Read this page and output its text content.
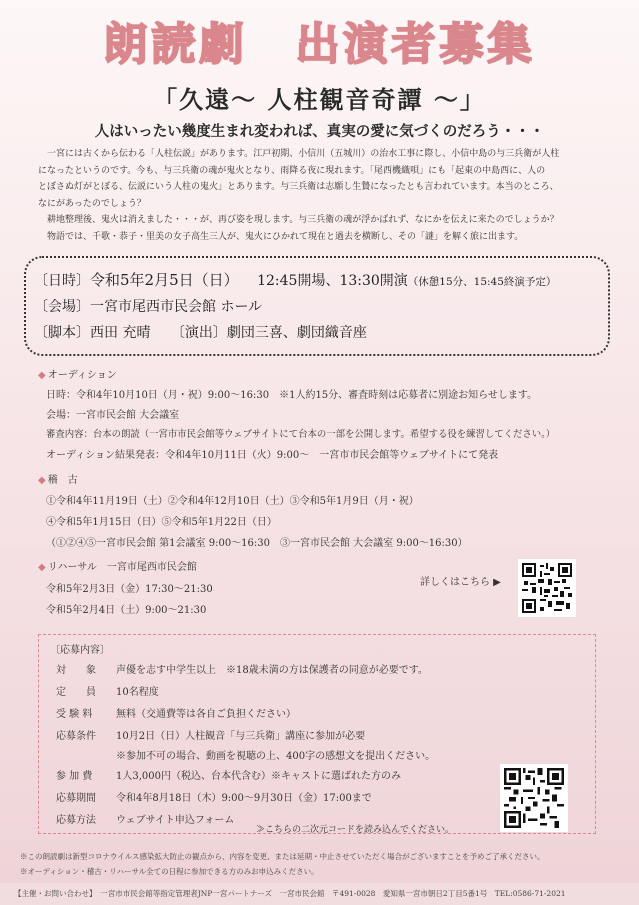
朗読劇　出演者募集
「久遠〜 人柱観音奇譚 〜」
人はいったい幾度生まれ変われば、真実の愛に気づくのだろう・・・
一宮には古くから伝わる「人柱伝説」があります。江戸初期、小信川（五城川）の治水工事に際し、小信中島の与三兵衛が人柱
になったというのです。今も、与三兵衛の魂が鬼火となり、雨降る夜に現れます。「尾西機織唄」にも「起東の中島西に、人の
とぼさぬ灯がとぼる、伝説にいう人柱の鬼火」とあります。与三兵衛は志願し生贄になったとも言われています。本当のところ、
なにがあったのでしょう？
耕地整理後、鬼火は消えました・・・が、再び姿を現します。与三兵衛の魂が浮かばれず、なにかを伝えに来たのでしょうか？
物語では、千歌・恭子・里美の女子高生三人が、鬼火にひかれて現在と過去を横断し、その「謎」を解く旅に出ます。
〔日時〕令和5年2月5日（日） 12:45開場、13:30開演（休憩15分、15:45終演予定）
〔会場〕一宮市尾西市民会館 ホール
〔脚本〕西田 充晴 〔演出〕劇団三喜、劇団織音座
◆ オーディション
日時：令和4年10月10日（月・祝）9:00〜16:30　※1人約15分、審査時刻は応募者に別途お知らせします。
会場：一宮市民会館 大会議室
審査内容：台本の朗読（一宮市市民会館等ウェブサイトにて台本の一部を公開します。希望する役を練習してください。）
オーディション結果発表：令和4年10月11日（火）9:00〜　一宮市市民会館等ウェブサイトにて発表
◆ 稽　古
①令和4年11月19日（土）②令和4年12月10日（土）③令和5年1月9日（月・祝）
④令和5年1月15日（日）⑤令和5年1月22日（日）
（①②④⑤一宮市民会館 第1会議室 9:00〜16:30　③一宮市民会館 大会議室 9:00〜16:30）
◆ リハーサル　一宮市尾西市民会館
令和5年2月3日（金）17:30〜21:30
令和5年2月4日（土）9:00〜21:30
詳しくはこちら ▶
〔応募内容〕
対　　象 声優を志す中学生以上　※18歳未満の方は保護者の同意が必要です。
定　　員 10名程度
受 験 料 無料（交通費等は各自ご負担ください）
応募条件 10月2日（日）人柱観音「与三兵衛」講座に参加が必要
※参加不可の場合、動画を視聴の上、400字の感想文を提出ください。
参 加 費 1人3,000円（税込、台本代含む）※キャストに選ばれた方のみ
応募期間 令和4年8月18日（木）9:00〜9月30日（金）17:00まで
応募方法 ウェブサイト申込フォーム
≫こちらの二次元コードを読み込んでください。
※この朗読劇は新型コロナウイルス感染拡大防止の観点から、内容を変更、または延期・中止させていただく場合がございますことを予めご了承ください。
※オーディション・稽古・リハーサル全ての日程に参加できる方のみお申込みください。
【主催・お問い合わせ】　一宮市市民会館等指定管理者JNP一宮パートナーズ　一宮市民会館　〒491-0028　愛知県一宮市朝日2丁目5番1号　TEL:0586-71-2021
